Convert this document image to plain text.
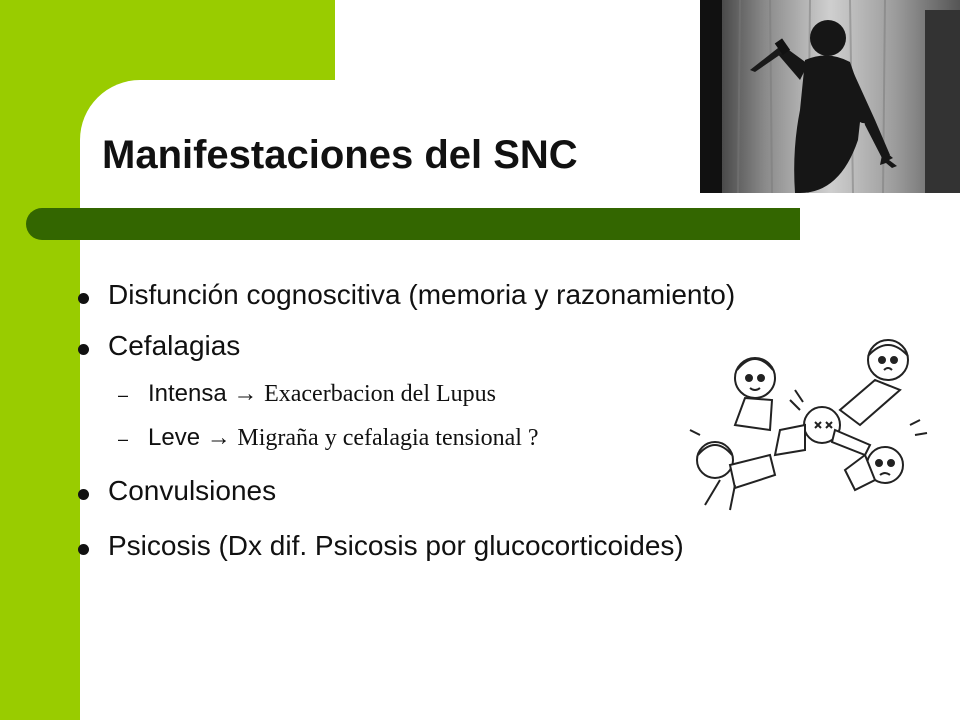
Manifestaciones del SNC
Disfunción cognoscitiva (memoria y razonamiento)
Cefalagias
– Intensa → Exacerbacion del Lupus
– Leve → Migraña y cefalagia tensional ?
Convulsiones
Psicosis (Dx dif. Psicosis por glucocorticoides)
